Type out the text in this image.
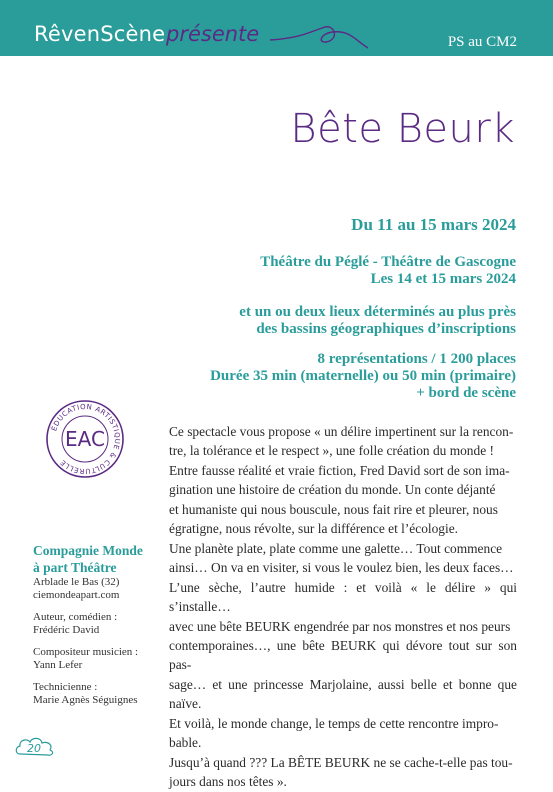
RêvenScène présente	PS au CM2
Bête Beurk
Du 11 au 15 mars 2024
Théâtre du Péglé - Théâtre de Gascogne
Les 14 et 15 mars 2024
et un ou deux lieux déterminés au plus près
des bassins géographiques d’inscriptions
8 représentations / 1 200 places
Durée 35 min (maternelle) ou 50 min (primaire)
+ bord de scène
ÉDUCATION ARTISTIQUE & CULTURELLE
EAC
Compagnie Monde
à part Théâtre
Arblade le Bas (32)
ciemondeapart.com
Auteur, comédien :
Frédéric David
Compositeur musicien :
Yann Lefer
Technicienne :
Marie Agnès Séguignes

Ce spectacle vous propose « un délire impertinent sur la rencon-

tre, la tolérance et le respect », une folle création du monde !

Entre fausse réalité et vraie fiction, Fred David sort de son ima-

gination une histoire de création du monde. Un conte déjanté

et humaniste qui nous bouscule, nous fait rire et pleurer, nous

égratigne, nous révolte, sur la différence et l’écologie.

Une planète plate, plate comme une galette… Tout commence

ainsi… On va en visiter, si vous le voulez bien, les deux faces…

L’une sèche, l’autre humide : et voilà « le délire » qui s’installe…

avec une bête BEURK engendrée par nos monstres et nos peurs

contemporaines…, une bête BEURK qui dévore tout sur son pas-

sage… et une princesse Marjolaine, aussi belle et bonne que naïve.

Et voilà, le monde change, le temps de cette rencontre impro-

bable.

Jusqu’à quand ??? La BÊTE BEURK ne se cache-t-elle pas tou-

jours dans nos têtes ».

20
